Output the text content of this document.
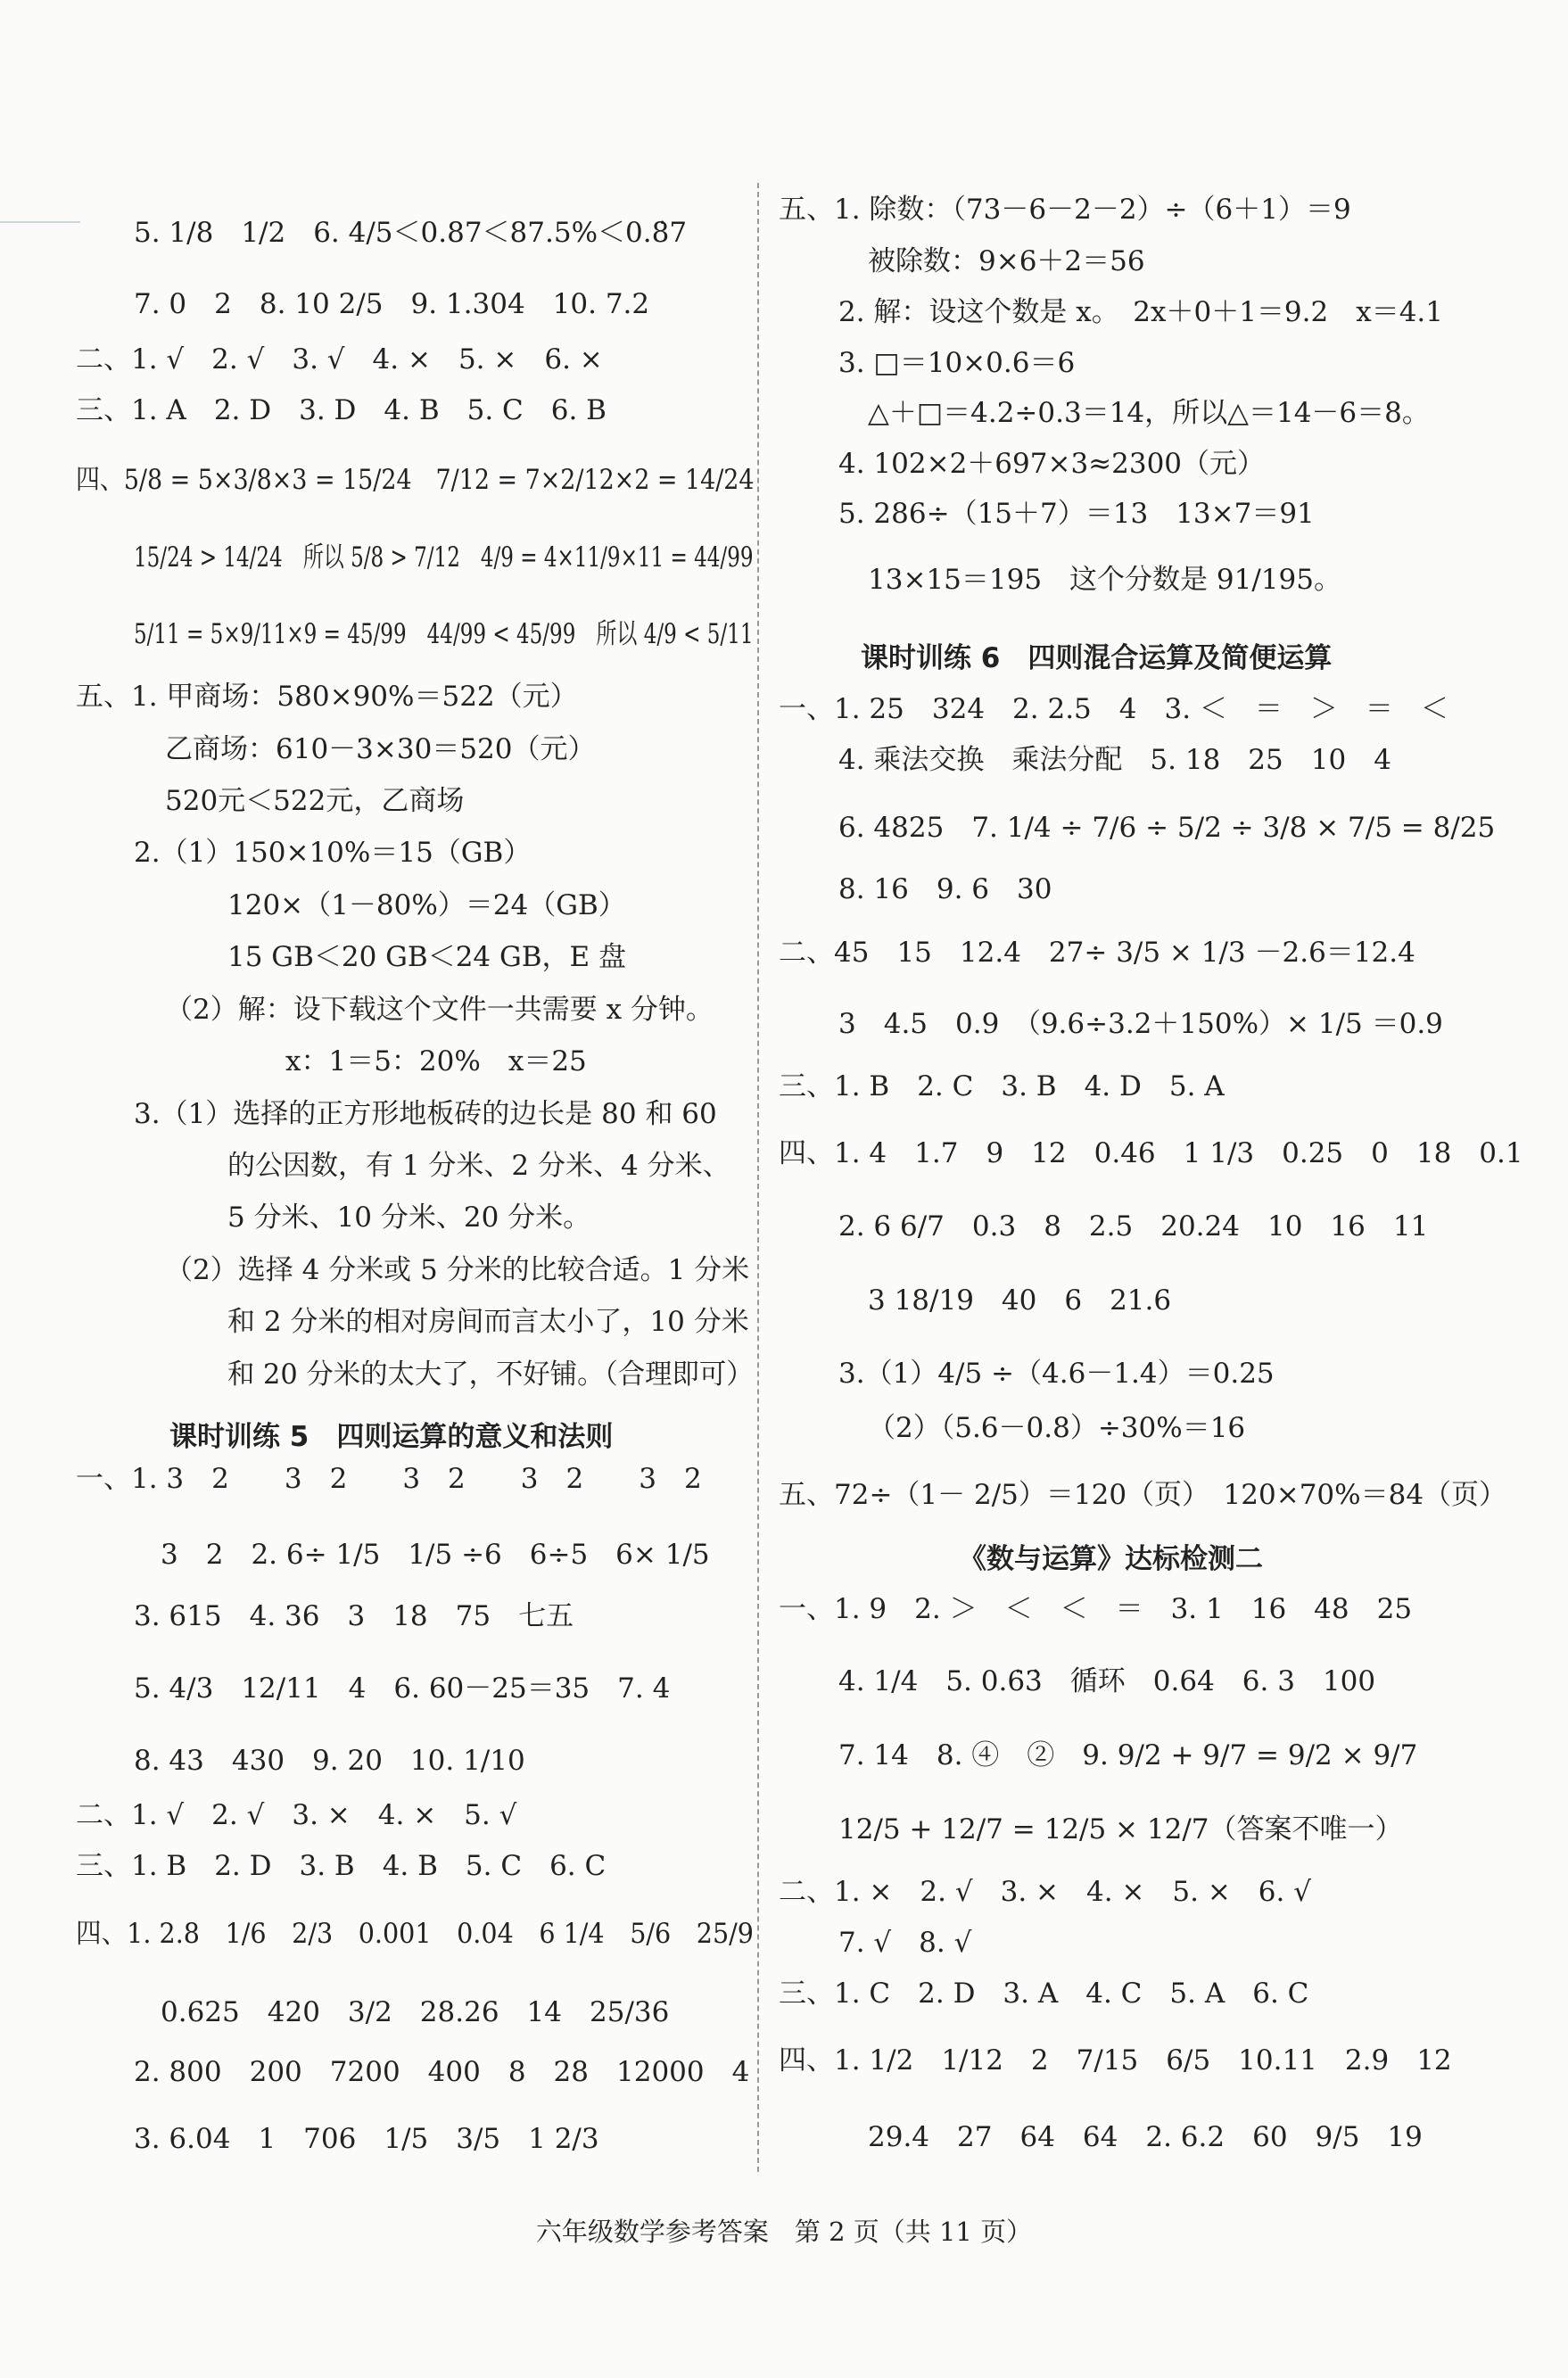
六年级数学参考答案　第 2 页（共 11 页）
5. 1/8　1/2　6. 4/5＜0.87＜87.5%＜0.8̇7
7. 0　2　8. 10 2/5　9. 1.304　10. 7.2
二、1. √　2. √　3. √　4. ×　5. ×　6. ×
三、1. A　2. D　3. D　4. B　5. C　6. B
四、5/8 = 5×3/8×3 = 15/24　7/12 = 7×2/12×2 = 14/24
15/24 > 14/24　所以 5/8 > 7/12　4/9 = 4×11/9×11 = 44/99
5/11 = 5×9/11×9 = 45/99　44/99 < 45/99　所以 4/9 < 5/11
五、1. 甲商场：580×90%＝522（元）
乙商场：610－3×30＝520（元）
520元＜522元，乙商场
2.（1）150×10%＝15（GB）
120×（1－80%）＝24（GB）
15 GB＜20 GB＜24 GB，E 盘
（2）解：设下载这个文件一共需要 x 分钟。
x：1＝5：20%　x＝25
3.（1）选择的正方形地板砖的边长是 80 和 60
的公因数，有 1 分米、2 分米、4 分米、
5 分米、10 分米、20 分米。
（2）选择 4 分米或 5 分米的比较合适。1 分米
和 2 分米的相对房间而言太小了，10 分米
和 20 分米的太大了，不好铺。（合理即可）
一、1. 3　2　　3　2　　3　2　　3　2　　3　2
3　2　2. 6÷ 1/5　1/5 ÷6　6÷5　6× 1/5
3. 615　4. 36　3　18　75　七五
5. 4/3　12/11　4　6. 60－25＝35　7. 4
8. 43　430　9. 20　10. 1/10
二、1. √　2. √　3. ×　4. ×　5. √
三、1. B　2. D　3. B　4. B　5. C　6. C
四、1. 2.8　1/6　2/3　0.001　0.04　6 1/4　5/6　25/9
0.625　420　3/2　28.26　14　25/36
2. 800　200　7200　400　8　28　12000　4
3. 6.04　1　706　1/5　3/5　1 2/3
五、1. 除数：（73－6－2－2）÷（6＋1）＝9
被除数：9×6＋2＝56
2. 解：设这个数是 x。　2x＋0＋1＝9.2　x＝4.1
3. □＝10×0.6＝6
△＋□＝4.2÷0.3＝14，所以△＝14－6＝8。
4. 102×2＋697×3≈2300（元）
5. 286÷（15＋7）＝13　13×7＝91
13×15＝195　这个分数是 91/195。
一、1. 25　324　2. 2.5　4　3. ＜　＝　＞　＝　＜
4. 乘法交换　乘法分配　5. 18　25　10　4
6. 4825　7. 1/4 ÷ 7/6 ÷ 5/2 ÷ 3/8 × 7/5 = 8/25
8. 16　9. 6　30
二、45　15　12.4　27÷ 3/5 × 1/3 －2.6＝12.4
3　4.5　0.9　（9.6÷3.2＋150%）× 1/5 ＝0.9
三、1. B　2. C　3. B　4. D　5. A
四、1. 4　1.7　9　12　0.46　1 1/3　0.25　0　18　0.1
2. 6 6/7　0.3　8　2.5　20.24　10　16　11
3 18/19　40　6　21.6
3.（1）4/5 ÷（4.6－1.4）＝0.25
（2）（5.6－0.8）÷30%＝16
五、72÷（1－ 2/5）＝120（页）　120×70%＝84（页）
一、1. 9　2. ＞　＜　＜　＝　3. 1　16　48　25
4. 1/4　5. 0.6̇3̇　循环　0.64　6. 3　100
7. 14　8. ④　②　9. 9/2 + 9/7 = 9/2 × 9/7
12/5 + 12/7 = 12/5 × 12/7（答案不唯一）
二、1. ×　2. √　3. ×　4. ×　5. ×　6. √
7. √　8. √
三、1. C　2. D　3. A　4. C　5. A　6. C
四、1. 1/2　1/12　2　7/15　6/5　10.11　2.9　12
29.4　27　64　64　2. 6.2　60　9/5　19
课时训练 5　四则运算的意义和法则
课时训练 6　四则混合运算及简便运算
《数与运算》达标检测二
